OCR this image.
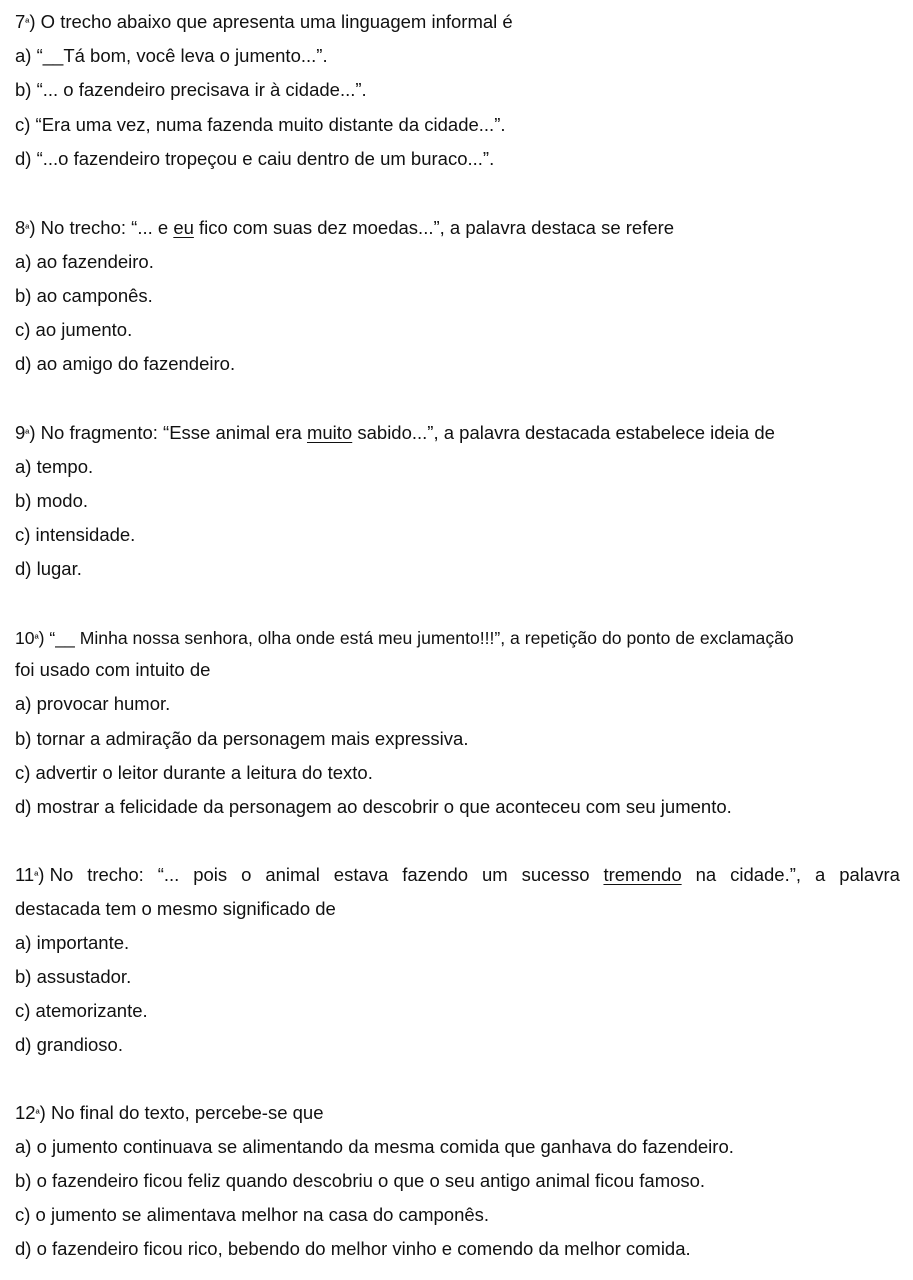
$7^ª$) O trecho abaixo que apresenta uma linguagem informal é
a) “__Tá bom, você leva o jumento...”.
b) “... o fazendeiro precisava ir à cidade...”.
c) “Era uma vez, numa fazenda muito distante da cidade...”.
d) “...o fazendeiro tropeçou e caiu dentro de um buraco...”.
$8^ª$) No trecho: “... e eu fico com suas dez moedas...”, a palavra destaca se refere
a) ao fazendeiro.
b) ao camponês.
c) ao jumento.
d) ao amigo do fazendeiro.
$9^ª$) No fragmento: “Esse animal era muito sabido...”, a palavra destacada estabelece ideia de
a) tempo.
b) modo.
c) intensidade.
d) lugar.
$10^ª$) “__ Minha nossa senhora, olha onde está meu jumento!!!”, a repetição do ponto de exclamação
foi usado com intuito de
a) provocar humor.
b) tornar a admiração da personagem mais expressiva.
c) advertir o leitor durante a leitura do texto.
d) mostrar a felicidade da personagem ao descobrir o que aconteceu com seu jumento.
$11^ª$) No trecho: “... pois o animal estava fazendo um sucesso tremendo na cidade.”, a palavra
destacada tem o mesmo significado de
a) importante.
b) assustador.
c) atemorizante.
d) grandioso.
$12^ª$) No final do texto, percebe-se que
a) o jumento continuava se alimentando da mesma comida que ganhava do fazendeiro.
b) o fazendeiro ficou feliz quando descobriu o que o seu antigo animal ficou famoso.
c) o jumento se alimentava melhor na casa do camponês.
d) o fazendeiro ficou rico, bebendo do melhor vinho e comendo da melhor comida.
